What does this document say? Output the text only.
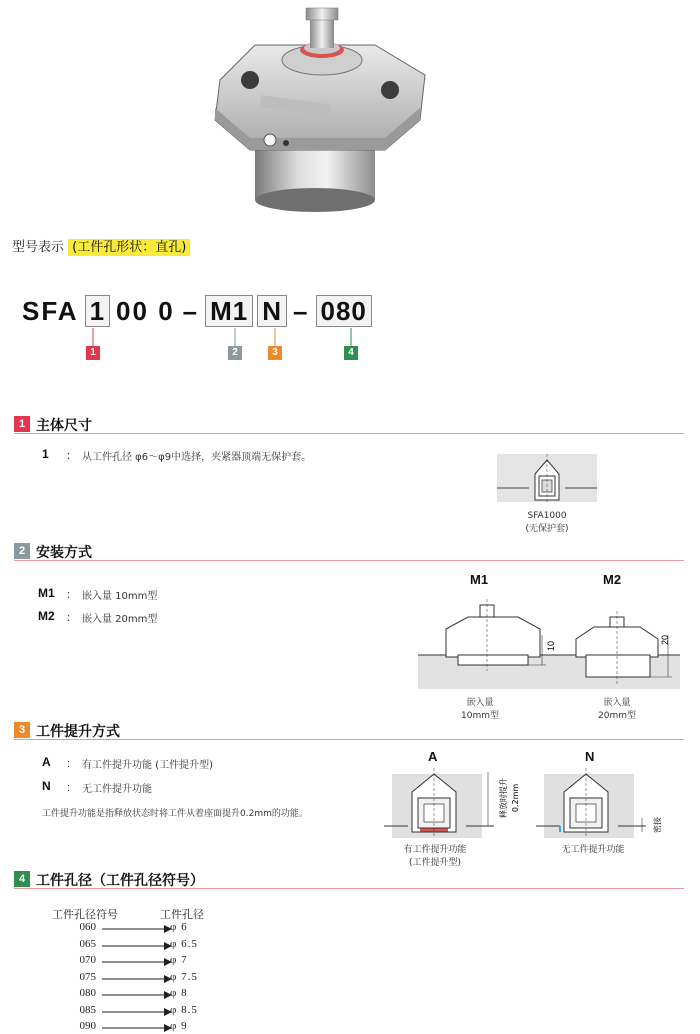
型号表示 (工件孔形状：直孔)
SFA 1 00 0 – M1 N – 080
1	2	3	4
1 主体尺寸
1 ： 从工件孔径 φ6～φ9中选择，夹紧器顶端无保护套。
SFA1000
(无保护套)
2 安装方式
M1 ： 嵌入量 10mm型
M2 ： 嵌入量 20mm型
M1	M2
10
20
嵌入量
10mm型
嵌入量
20mm型
3 工件提升方式
A ： 有工件提升功能 (工件提升型)
N ： 无工件提升功能
工件提升功能是指释放状态时将工件从着座面提升0.2mm的功能。
A	N
释放时提升 0.2mm
密接
有工件提升功能
(工件提升型)
无工件提升功能
4 工件孔径（工件孔径符号）
工件孔径符号	工件孔径
060	φ 6
065	φ 6.5
070	φ 7
075	φ 7.5
080	φ 8
085	φ 8.5
090	φ 9
